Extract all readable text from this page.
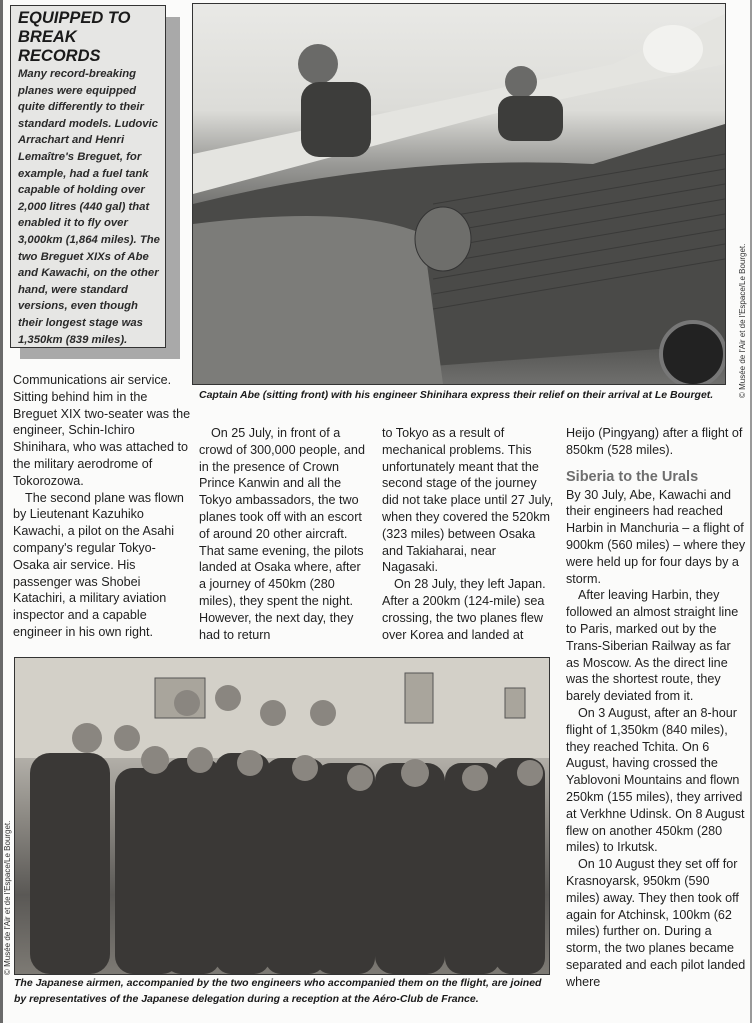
EQUIPPED TO BREAK RECORDS

Many record-breaking planes were equipped quite differently to their standard models. Ludovic Arrachart and Henri Lemaître's Breguet, for example, had a fuel tank capable of holding over 2,000 litres (440 gal) that enabled it to fly over 3,000km (1,864 miles). The two Breguet XIXs of Abe and Kawachi, on the other hand, were standard versions, even though their longest stage was 1,350km (839 miles).	© Musée de l'Air et de l'Espace/Le Bourget.

Captain Abe (sitting front) with his engineer Shinihara express their relief on their arrival at Le Bourget.

Communications air service. Sitting behind him in the Breguet XIX two-seater was the engineer, Schin-Ichiro Shinihara, who was attached to the military aerodrome of Tokorozowa.

The second plane was flown by Lieutenant Kazuhiko Kawachi, a pilot on the Asahi company's regular Tokyo-Osaka air service. His passenger was Shobei Katachiri, a military aviation inspector and a capable engineer in his own right.

On 25 July, in front of a crowd of 300,000 people, and in the presence of Crown Prince Kanwin and all the Tokyo ambassadors, the two planes took off with an escort of around 20 other aircraft. That same evening, the pilots landed at Osaka where, after a journey of 450km (280 miles), they spent the night. However, the next day, they had to return

to Tokyo as a result of mechanical problems. This unfortunately meant that the second stage of the journey did not take place until 27 July, when they covered the 520km (323 miles) between Osaka and Takiaharai, near Nagasaki.

On 28 July, they left Japan. After a 200km (124-mile) sea crossing, the two planes flew over Korea and landed at

Heijo (Pingyang) after a flight of 850km (528 miles).

Siberia to the Urals

By 30 July, Abe, Kawachi and their engineers had reached Harbin in Manchuria – a flight of 900km (560 miles) – where they were held up for four days by a storm.

After leaving Harbin, they followed an almost straight line to Paris, marked out by the Trans-Siberian Railway as far as Moscow. As the direct line was the shortest route, they barely deviated from it.

On 3 August, after an 8-hour flight of 1,350km (840 miles), they reached Tchita. On 6 August, having crossed the Yablovoni Mountains and flown 250km (155 miles), they arrived at Verkhne Udinsk. On 8 August flew on another 450km (280 miles) to Irkutsk.

On 10 August they set off for Krasnoyarsk, 950km (590 miles) away. They then took off again for Atchinsk, 100km (62 miles) further on. During a storm, the two planes became separated and each pilot landed where

© Musée de l'Air et de l'Espace/Le Bourget.

The Japanese airmen, accompanied by the two engineers who accompanied them on the flight, are joined by representatives of the Japanese delegation during a reception at the Aéro-Club de France.
